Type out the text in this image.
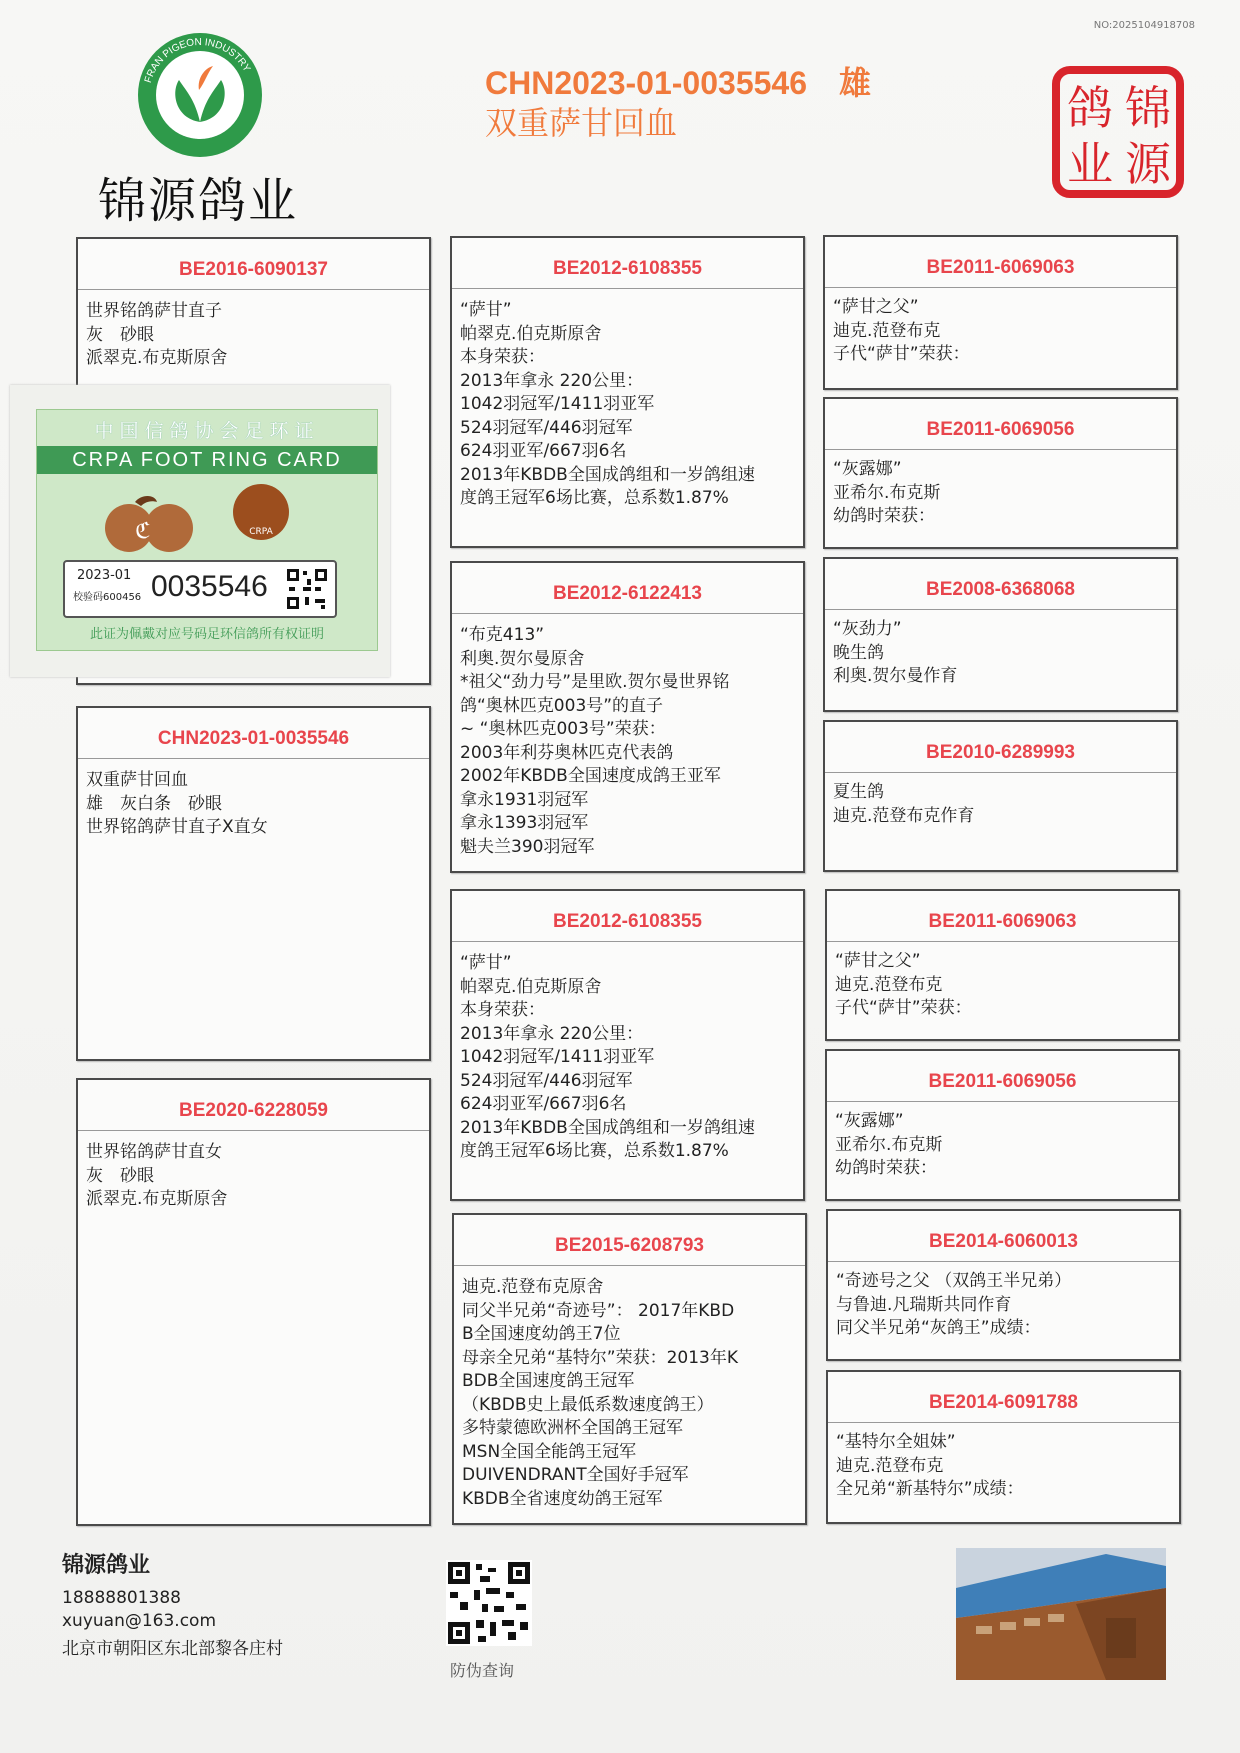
NO:2025104918708
FRAN PIGEON INDUSTRY
FENGYUAN
锦源鸽业
CHN2023-01-0035546　雄
双重萨甘回血	锦
源
鸽
业
BE2016-6090137
世界铭鸽萨甘直子
灰　砂眼
派翠克.布克斯原舍
CHN2023-01-0035546
双重萨甘回血
雄　灰白条　砂眼
世界铭鸽萨甘直子X直女
BE2020-6228059
世界铭鸽萨甘直女
灰　砂眼
派翠克.布克斯原舍
BE2012-6108355
“萨甘”
帕翠克.伯克斯原舍
本身荣获：
2013年拿永 220公里：
1042羽冠军/1411羽亚军
524羽冠军/446羽冠军
624羽亚军/667羽6名
2013年KBDB全国成鸽组和一岁鸽组速
度鸽王冠军6场比赛，总系数1.87%
BE2012-6122413
“布克413”
利奥.贺尔曼原舍
*祖父“劲力号”是里欧.贺尔曼世界铭
鸽“奥林匹克003号”的直子
~ “奥林匹克003号”荣获：
2003年利芬奥林匹克代表鸽
2002年KBDB全国速度成鸽王亚军
拿永1931羽冠军
拿永1393羽冠军
魁夫兰390羽冠军
BE2012-6108355
“萨甘”
帕翠克.伯克斯原舍
本身荣获：
2013年拿永 220公里：
1042羽冠军/1411羽亚军
524羽冠军/446羽冠军
624羽亚军/667羽6名
2013年KBDB全国成鸽组和一岁鸽组速
度鸽王冠军6场比赛，总系数1.87%
BE2015-6208793
迪克.范登布克原舍
同父半兄弟“奇迹号”： 2017年KBD
B全国速度幼鸽王7位
母亲全兄弟“基特尔”荣获：2013年K
BDB全国速度鸽王冠军
（KBDB史上最低系数速度鸽王）
多特蒙德欧洲杯全国鸽王冠军
MSN全国全能鸽王冠军
DUIVENDRANT全国好手冠军
KBDB全省速度幼鸽王冠军
BE2011-6069063
“萨甘之父”
迪克.范登布克
子代“萨甘”荣获：
BE2011-6069056
“灰露娜”
亚希尔.布克斯
幼鸽时荣获：
BE2008-6368068
“灰劲力”
晚生鸽
利奥.贺尔曼作育
BE2010-6289993
夏生鸽
迪克.范登布克作育
BE2011-6069063
“萨甘之父”
迪克.范登布克
子代“萨甘”荣获：
BE2011-6069056
“灰露娜”
亚希尔.布克斯
幼鸽时荣获：
BE2014-6060013
“奇迹号之父 （双鸽王半兄弟）
与鲁迪.凡瑞斯共同作育
同父半兄弟“灰鸽王”成绩：
BE2014-6091788
“基特尔全姐妹”
迪克.范登布克
全兄弟“新基特尔”成绩：
中国信鸽协会足环证
CRPA FOOT RING CARD
ℭ	CRPA
2023-01
校验码600456 0035546
此证为佩戴对应号码足环信鸽所有权证明
锦源鸽业
18888801388
xuyuan@163.com
北京市朝阳区东北部黎各庄村
防伪查询
